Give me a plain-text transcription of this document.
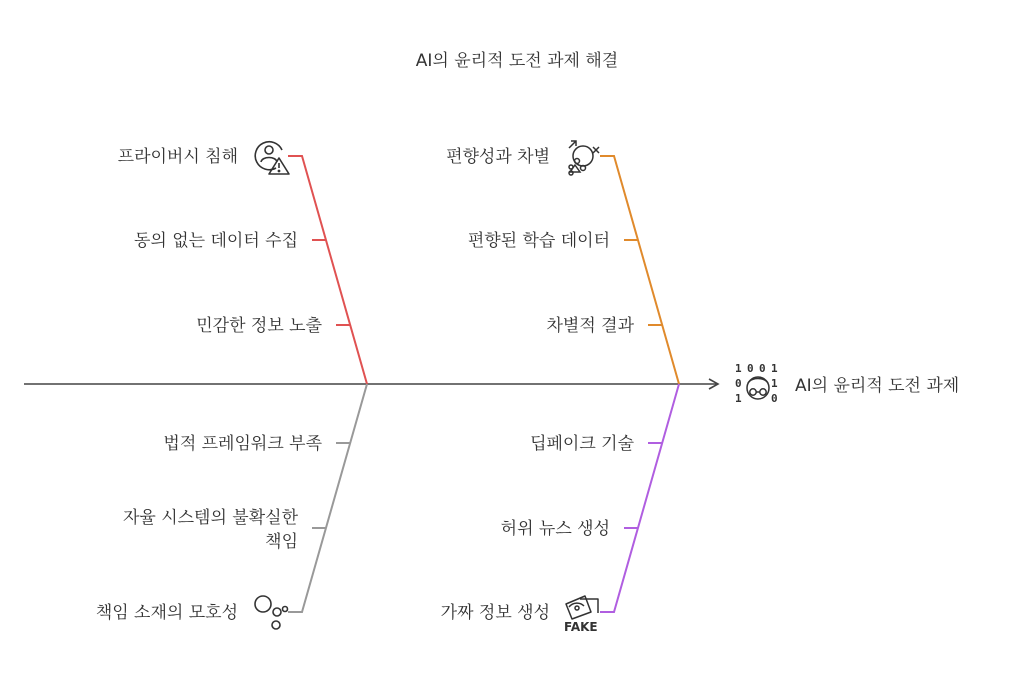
AI의 윤리적 도전 과제 해결
프라이버시 침해
동의 없는 데이터 수집
민감한 정보 노출
편향성과 차별
편향된 학습 데이터
차별적 결과
법적 프레임워크 부족
자율 시스템의 불확실한
책임
책임 소재의 모호성
딥페이크 기술
허위 뉴스 생성
가짜 정보 생성
FAKE
1 0 0 1
0	1
1	0
AI의 윤리적 도전 과제
